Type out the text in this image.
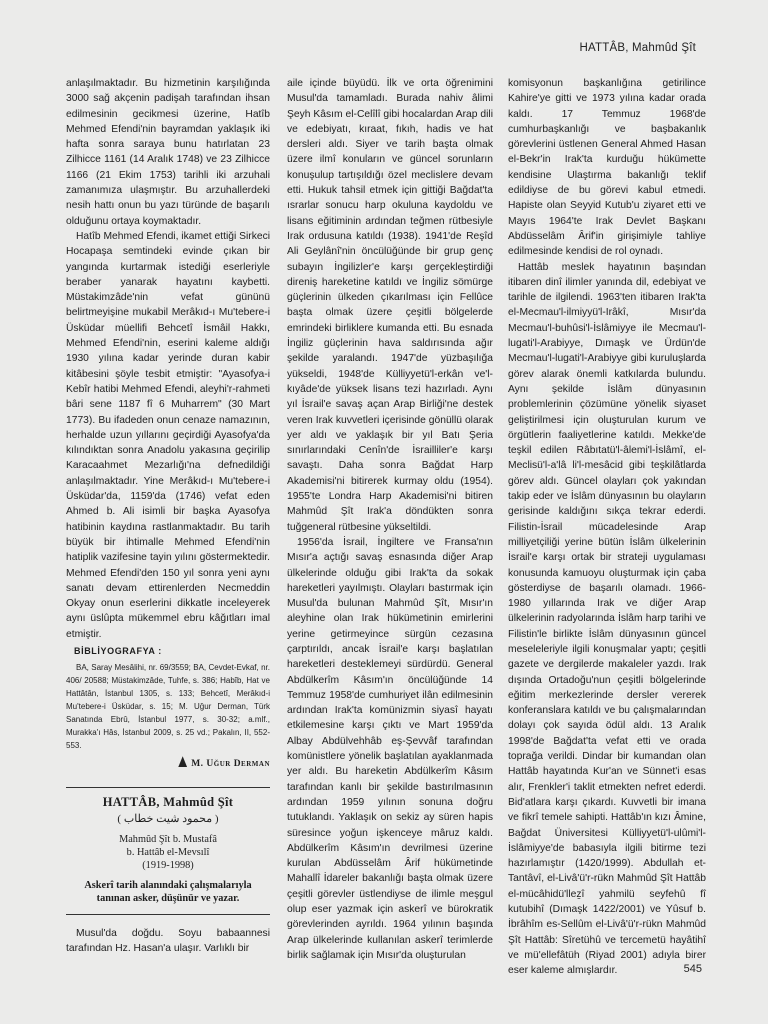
HATTÂB, Mahmûd Şît

anlaşılmaktadır. Bu hizmetinin karşılığında 3000 sağ akçenin padişah tarafından ihsan edilmesinin gecikmesi üzerine, Hatîb Mehmed Efendi'nin bayramdan yaklaşık iki hafta sonra saraya bunu hatırlatan 23 Zilhicce 1161 (14 Aralık 1748) ve 23 Zilhicce 1166 (21 Ekim 1753) tarihli iki arzuhali zamanımıza ulaşmıştır. Bu arzuhallerdeki nesih hattı onun bu yazı türünde de başarılı olduğunu ortaya koymaktadır.

Hatîb Mehmed Efendi, ikamet ettiği Sirkeci Hocapaşa semtindeki evinde çıkan bir yangında kurtarmak istediği eserleriyle beraber yanarak hayatını kaybetti. Müstakimzâde'nin vefat gününü belirtmeyişine mukabil Merâkıd-ı Mu'tebere-i Üsküdar müellifi Behcetî İsmâil Hakkı, Mehmed Efendi'nin, eserini kaleme aldığı 1930 yılına kadar yerinde duran kabir kitâbesini şöyle tesbit etmiştir: "Ayasofya-i Kebîr hatibi Mehmed Efendi, aleyhi'r-rahmeti bâri sene 1187 fî 6 Muharrem" (30 Mart 1773). Bu ifadeden onun cenaze namazının, herhalde uzun yıllarını geçirdiği Ayasofya'da kılındıktan sonra Anadolu yakasına geçirilip Karacaahmet Mezarlığı'na defnedildiği anlaşılmaktadır. Yine Merâkıd-ı Mu'tebere-i Üsküdar'da, 1159'da (1746) vefat eden Ahmed b. Ali isimli bir başka Ayasofya hatibinin kaydına rastlanmaktadır. Bu tarih büyük bir ihtimalle Mehmed Efendi'nin hatiplik vazifesine tayin yılını göstermektedir. Mehmed Efendi'den 150 yıl sonra yeni aynı sanatı devam ettirenlerden Necmeddin Okyay onun eserlerini dikkatle inceleyerek aynı üslûpta mükemmel ebru kâğıtları imal etmiştir.

BİBLİYOGRAFYA :

BA, Saray Mesâlihi, nr. 69/3559; BA, Cevdet-Evkaf, nr. 406/ 20588; Müstakimzâde, Tuhfe, s. 386; Habîb, Hat ve Hattâtân, İstanbul 1305, s. 133; Behcetî, Merâkıd-i Mu'tebere-i Üsküdar, s. 15; M. Uğur Derman, Türk Sanatında Ebrû, İstanbul 1977, s. 30-32; a.mlf., Murakka'ı Hâs, İstanbul 2009, s. 25 vd.; Pakalın, II, 552-553.

M. Uğur Derman
HATTÂB, Mahmûd Şît
( محمود شيت خطاب )
Mahmûd Şît b. Mustafâ
b. Hattâb el-Mevsılî
(1919-1998)
Askerî tarih alanındaki çalışmalarıyla tanınan asker, düşünür ve yazar.

Musul'da doğdu. Soyu babaannesi tarafından Hz. Hasan'a ulaşır. Varlıklı bir

aile içinde büyüdü. İlk ve orta öğrenimini Musul'da tamamladı. Burada nahiv âlimi Şeyh Kâsım el-Celîlî gibi hocalardan Arap dili ve edebiyatı, kıraat, fıkıh, hadis ve hat dersleri aldı. Siyer ve tarih başta olmak üzere ilmî konuların ve güncel sorunların konuşulup tartışıldığı özel meclislere devam etti. Hukuk tahsil etmek için gittiği Bağdat'ta ısrarlar sonucu harp okuluna kaydoldu ve lisans eğitiminin ardından teğmen rütbesiyle Irak ordusuna katıldı (1938). 1941'de Reşîd Ali Geylânî'nin öncülüğünde bir grup genç subayın İngilizler'e karşı gerçekleştirdiği direniş hareketine katıldı ve İngiliz sömürge güçlerinin ülkeden çıkarılması için Fellûce başta olmak üzere çeşitli bölgelerde emrindeki birliklere kumanda etti. Bu esnada İngiliz güçlerinin hava saldırısında ağır şekilde yaralandı. 1947'de yüzbaşılığa yükseldi, 1948'de Külliyyetü'l-erkân ve'l-kıyâde'de yüksek lisans tezi hazırladı. Aynı yıl İsrail'e savaş açan Arap Birliği'ne destek veren Irak kuvvetleri içerisinde gönüllü olarak yer aldı ve yaklaşık bir yıl Batı Şeria sınırlarındaki Cenîn'de İsrailliler'e karşı savaştı. Daha sonra Bağdat Harp Akademisi'ni bitirerek kurmay oldu (1954). 1955'te Londra Harp Akademisi'ni bitiren Mahmûd Şît Irak'a döndükten sonra tuğgeneral rütbesine yükseltildi.

1956'da İsrail, İngiltere ve Fransa'nın Mısır'a açtığı savaş esnasında diğer Arap ülkelerinde olduğu gibi Irak'ta da sokak hareketleri yayılmıştı. Olayları bastırmak için Musul'da bulunan Mahmûd Şît, Mısır'ın aleyhine olan Irak hükümetinin emirlerini yerine getirmeyince sürgün cezasına çarptırıldı, ancak İsrail'e karşı başlatılan hareketleri desteklemeyi sürdürdü. General Abdülkerîm Kâsım'ın öncülüğünde 14 Temmuz 1958'de cumhuriyet ilân edilmesinin ardından Irak'ta komünizmin siyasî hayatı etkilemesine karşı çıktı ve Mart 1959'da Albay Abdülvehhâb eş-Şevvâf tarafından komünistlere yönelik başlatılan ayaklanmada yer aldı. Bu hareketin Abdülkerîm Kâsım tarafından kanlı bir şekilde bastırılmasının ardından 1959 yılının sonuna doğru tutuklandı. Yaklaşık on sekiz ay süren hapis süresince yoğun işkenceye mâruz kaldı. Abdülkerîm Kâsım'ın devrilmesi üzerine kurulan Abdüsselâm Ârif hükümetinde Mahallî İdareler bakanlığı başta olmak üzere çeşitli görevler üstlendiyse de ilimle meşgul olup eser yazmak için askerî ve bürokratik görevlerinden ayrıldı. 1964 yılının başında Arap ülkelerinde kullanılan askerî terimlerde birlik sağlamak için Mısır'da oluşturulan

komisyonun başkanlığına getirilince Kahire'ye gitti ve 1973 yılına kadar orada kaldı. 17 Temmuz 1968'de cumhurbaşkanlığı ve başbakanlık görevlerini üstlenen General Ahmed Hasan el-Bekr'in Irak'ta kurduğu hükümette kendisine Ulaştırma bakanlığı teklif edildiyse de bu görevi kabul etmedi. Hapiste olan Seyyid Kutub'u ziyaret etti ve Mayıs 1964'te Irak Devlet Başkanı Abdüsselâm Ârif'in girişimiyle tahliye edilmesinde kendisi de rol oynadı.

Hattâb meslek hayatının başından itibaren dinî ilimler yanında dil, edebiyat ve tarihle de ilgilendi. 1963'ten itibaren Irak'ta el-Mecmau'l-ilmiyyü'l-Irâkî, Mısır'da Mecmau'l-buhûsi'l-İslâmiyye ile Mecmau'l-lugati'l-Arabiyye, Dımaşk ve Ürdün'de Mecmau'l-lugati'l-Arabiyye gibi kuruluşlarda görev alarak önemli katkılarda bulundu. Aynı şekilde İslâm dünyasının problemlerinin çözümüne yönelik siyaset geliştirilmesi için oluşturulan kurum ve örgütlerin faaliyetlerine katıldı. Mekke'de teşkil edilen Râbıtatü'l-âlemi'l-İslâmî, el-Meclisü'l-a'lâ li'l-mesâcid gibi teşkilâtlarda görev aldı. Güncel olayları çok yakından takip eder ve İslâm dünyasının bu olayların gerisinde kaldığını sıkça tekrar ederdi. Filistin-İsrail mücadelesinde Arap milliyetçiliği yerine bütün İslâm ülkelerinin İsrail'e karşı ortak bir strateji uygulaması konusunda kamuoyu oluşturmak için çaba gösterdiyse de başarılı olamadı. 1966-1980 yıllarında Irak ve diğer Arap ülkelerinin radyolarında İslâm harp tarihi ve Filistin'le birlikte İslâm dünyasının güncel meseleleriyle ilgili konuşmalar yaptı; çeşitli gazete ve dergilerde makaleler yazdı. Irak dışında Ortadoğu'nun çeşitli bölgelerinde eğitim merkezlerinde dersler vererek konferanslara katıldı ve bu çalışmalarından dolayı çok sayıda ödül aldı. 13 Aralık 1998'de Bağdat'ta vefat etti ve orada toprağa verildi. Dindar bir kumandan olan Hattâb hayatında Kur'an ve Sünnet'i esas alır, Frenkler'i taklit etmekten nefret ederdi. Bid'atlara karşı çıkardı. Kuvvetli bir imana ve fikrî temele sahipti. Hattâb'ın kızı Âmine, Bağdat Üniversitesi Külliyyetü'l-ulûmi'l-İslâmiyye'de babasıyla ilgili bitirme tezi hazırlamıştır (1420/1999). Abdullah et-Tantâvî, el-Livâ'ü'r-rükn Mahmûd Şît Hattâb el-mücâhidü'lleẕî yahmilü seyfehû fî kutubihî (Dımaşk 1422/2001) ve Yûsuf b. İbrâhîm es-Sellûm el-Livâ'ü'r-rükn Mahmûd Şît Hattâb: Sîretühû ve tercemetü hayâtihî ve mü'ellefâtüh (Riyad 2001) adıyla birer eser kaleme almışlardır.	545
